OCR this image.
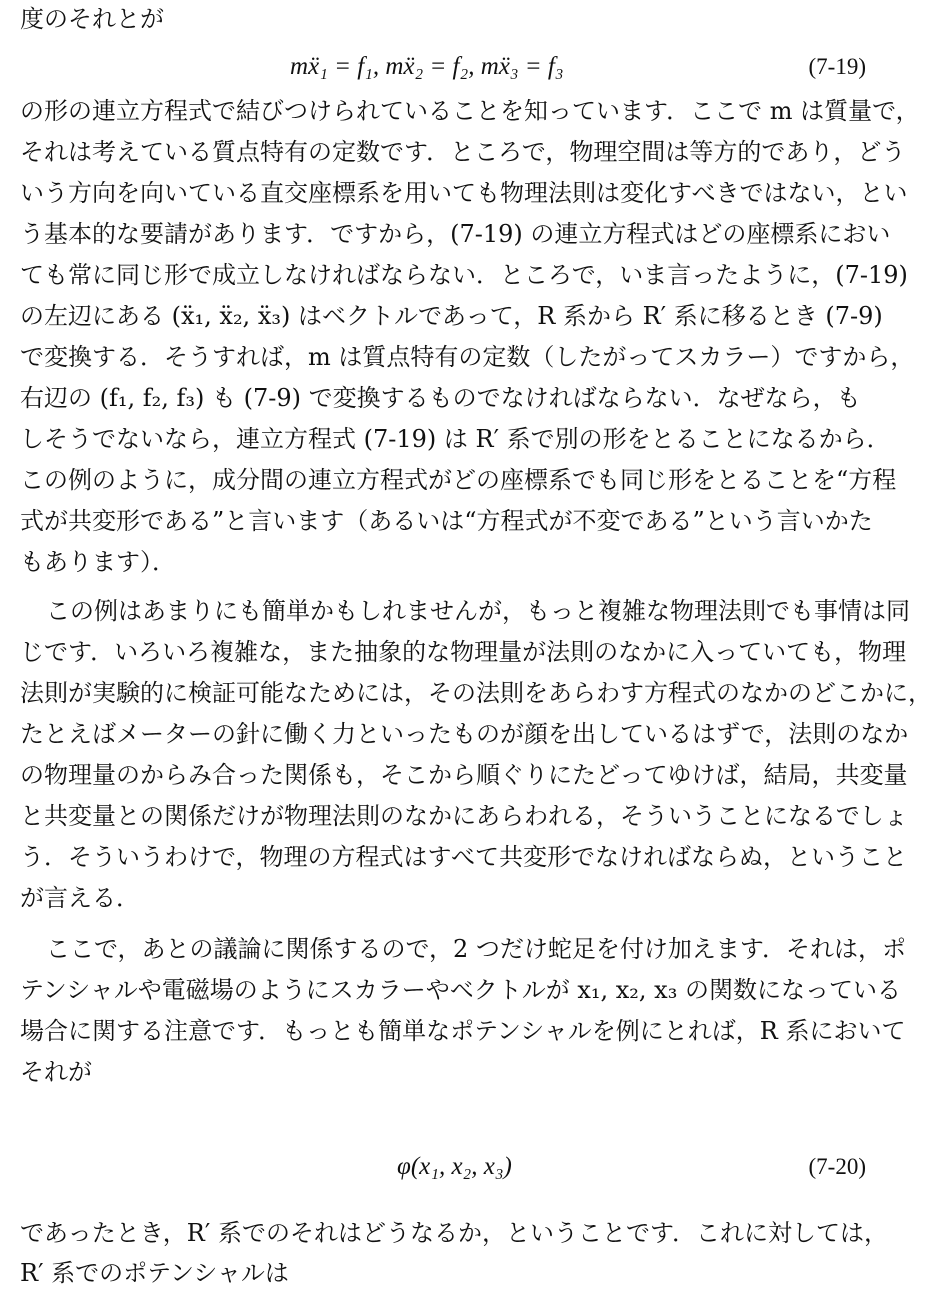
度のそれとが
mẍ₁ = f₁, mẍ₂ = f₂, mẍ₃ = f₃	(7-19)
の形の連立方程式で結びつけられていることを知っています．ここで m は質量で，
それは考えている質点特有の定数です．ところで，物理空間は等方的であり，どう
いう方向を向いている直交座標系を用いても物理法則は変化すべきではない，とい
う基本的な要請があります．ですから，(7-19) の連立方程式はどの座標系におい
ても常に同じ形で成立しなければならない．ところで，いま言ったように，(7-19)
の左辺にある (ẍ₁, ẍ₂, ẍ₃) はベクトルであって，R 系から R′ 系に移るとき (7-9)
で変換する．そうすれば，m は質点特有の定数（したがってスカラー）ですから，
右辺の (f₁, f₂, f₃) も (7-9) で変換するものでなければならない．なぜなら，も
しそうでないなら，連立方程式 (7-19) は R′ 系で別の形をとることになるから．
この例のように，成分間の連立方程式がどの座標系でも同じ形をとることを“方程
式が共変形である”と言います（あるいは“方程式が不変である”という言いかた
もあります）．
この例はあまりにも簡単かもしれませんが，もっと複雑な物理法則でも事情は同
じです．いろいろ複雑な，また抽象的な物理量が法則のなかに入っていても，物理
法則が実験的に検証可能なためには，その法則をあらわす方程式のなかのどこかに，
たとえばメーターの針に働く力といったものが顔を出しているはずで，法則のなか
の物理量のからみ合った関係も，そこから順ぐりにたどってゆけば，結局，共変量
と共変量との関係だけが物理法則のなかにあらわれる，そういうことになるでしょ
う．そういうわけで，物理の方程式はすべて共変形でなければならぬ，ということ
が言える．
ここで，あとの議論に関係するので，2 つだけ蛇足を付け加えます．それは，ポ
テンシャルや電磁場のようにスカラーやベクトルが x₁, x₂, x₃ の関数になっている
場合に関する注意です．もっとも簡単なポテンシャルを例にとれば，R 系において
それが
φ(x₁, x₂, x₃)	(7-20)
であったとき，R′ 系でのそれはどうなるか，ということです．これに対しては，
R′ 系でのポテンシャルは
